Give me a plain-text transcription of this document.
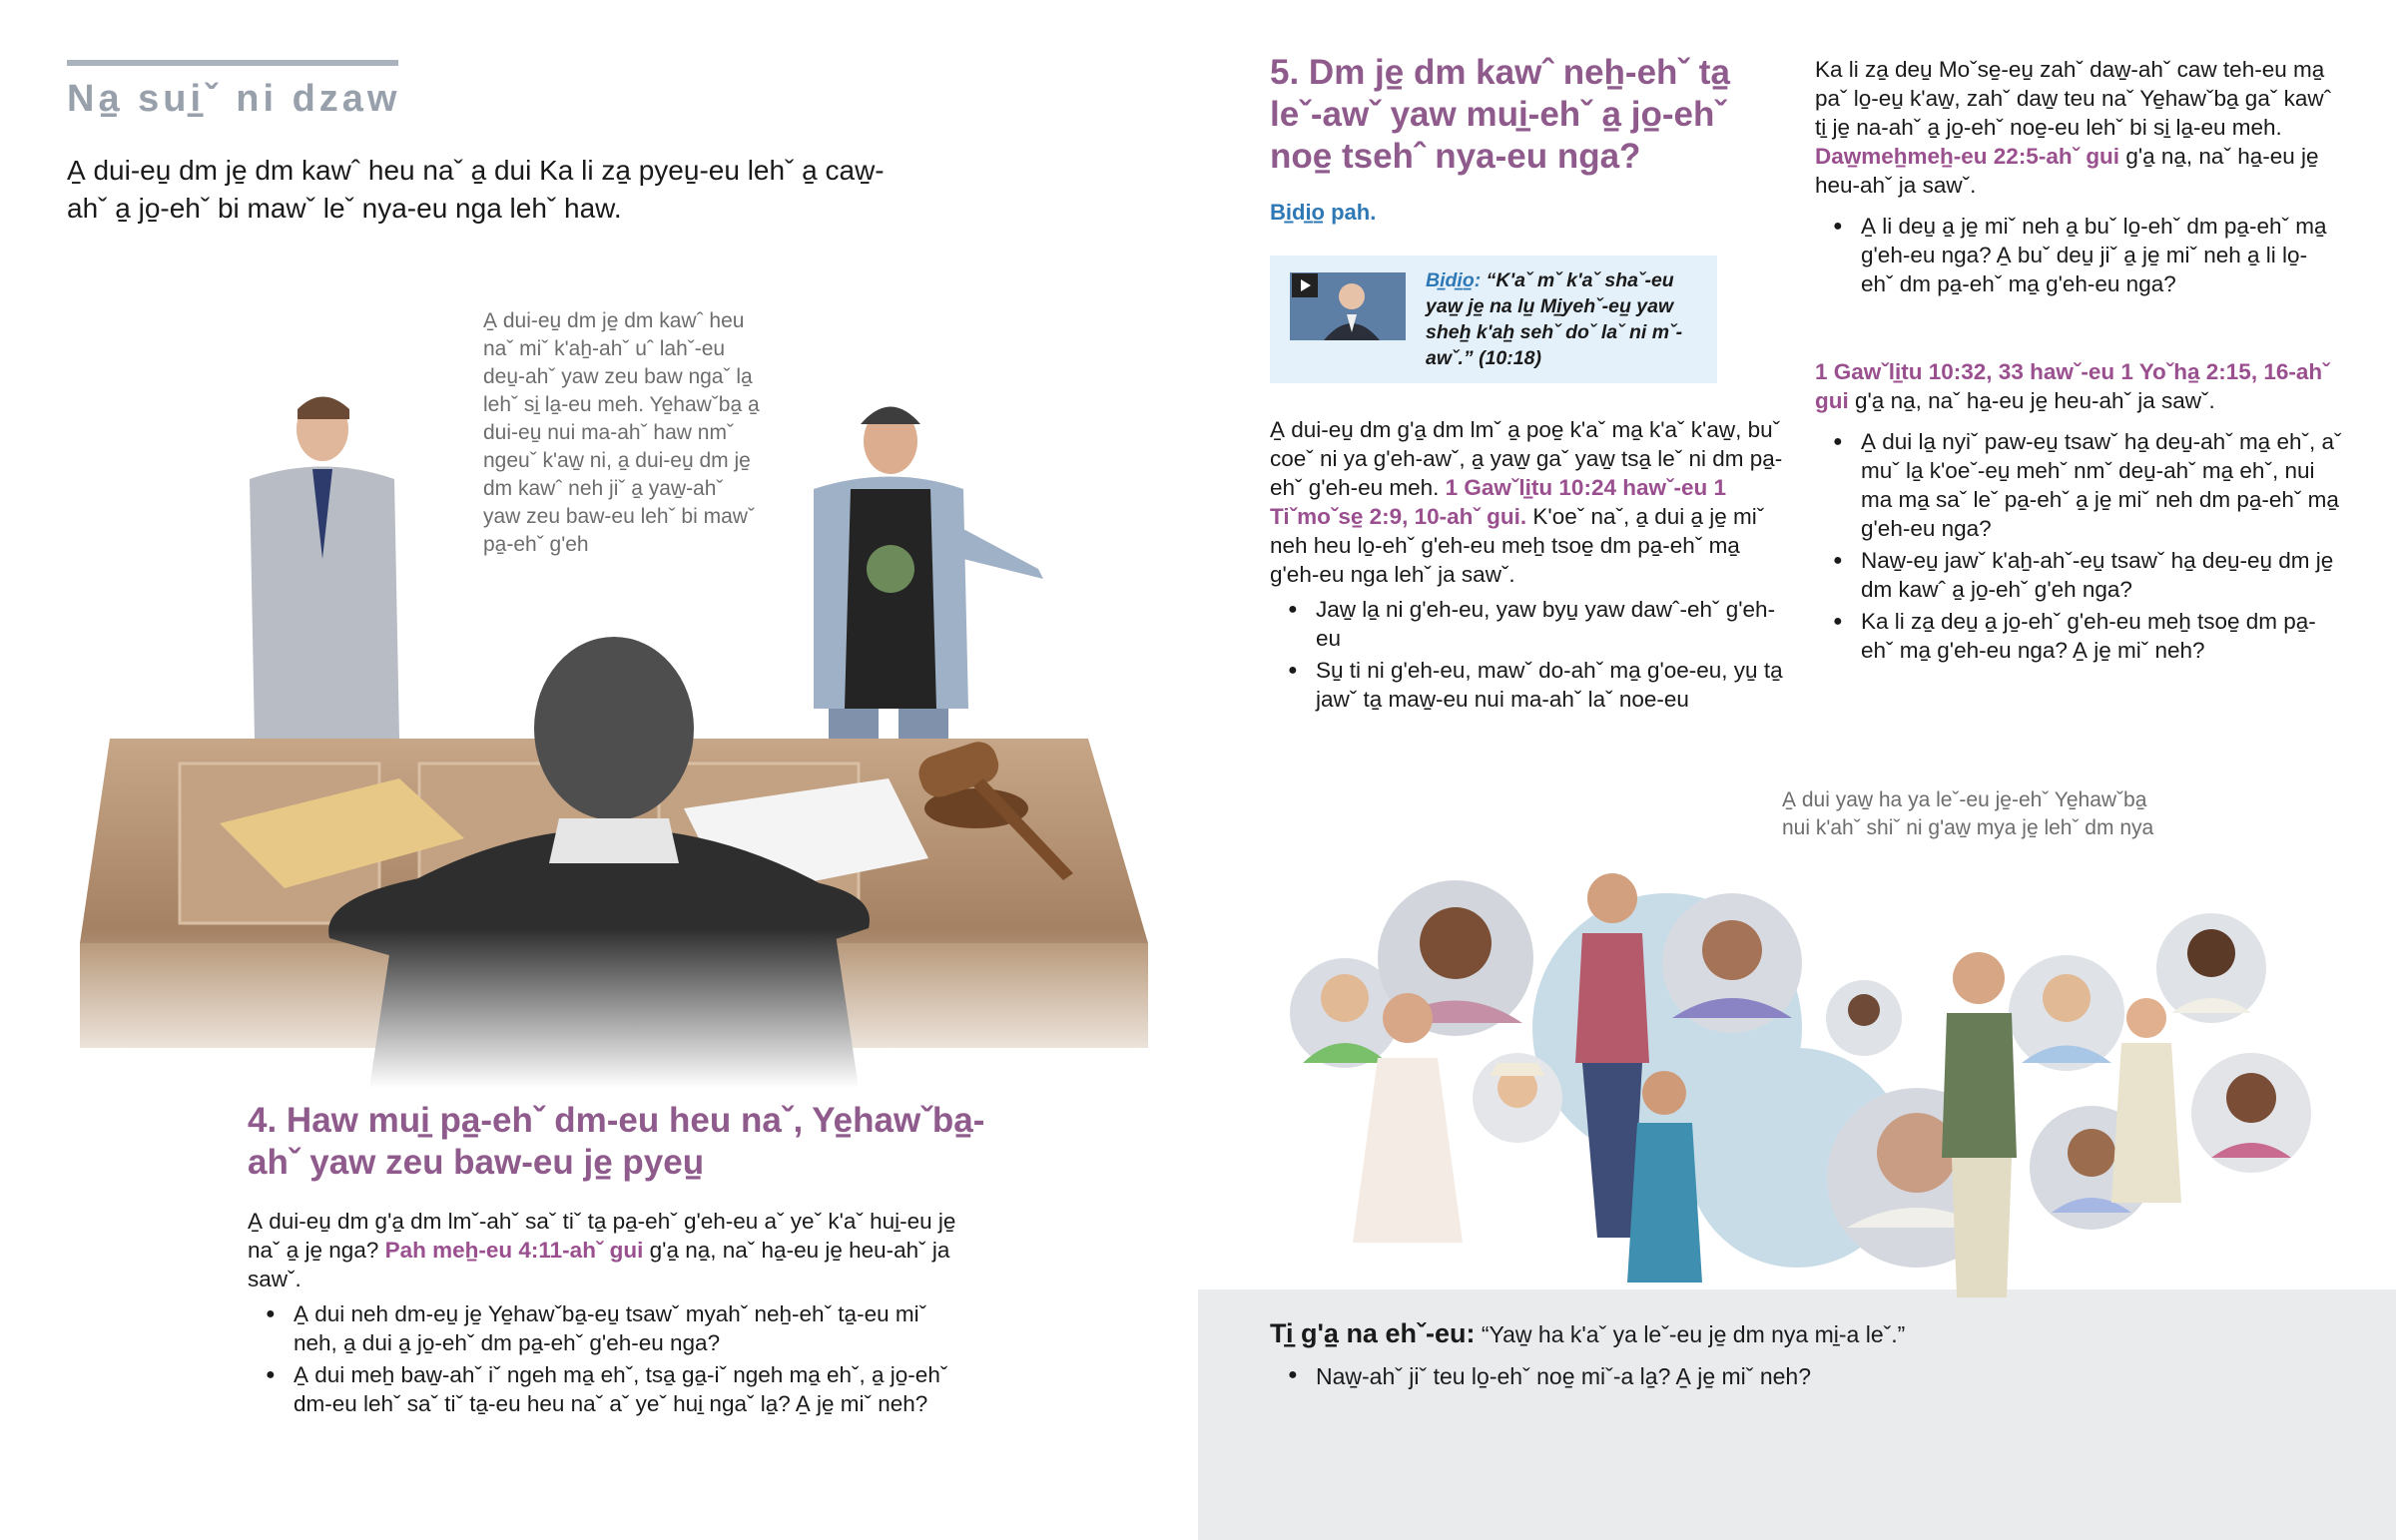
Na̠ sui̠ˇ ni dzaw
A̠ dui-eu̠ dm je̠ dm kawˆ heu naˇ a̠ dui Ka li za̠ pyeu̠-eu lehˇ a̠ caw̠-ahˇ a̠ jo̠-ehˇ bi mawˇ leˇ nya-eu nga lehˇ haw.
A̠ dui-eu̠ dm je̠ dm kawˆ heu naˇ miˇ k'ah̠-ahˇ uˆ lahˇ-eu deu̠-ahˇ yaw zeu baw ngaˇ la̠ lehˇ si̠ la̠-eu meh. Ye̠hawˇba̠ a̠ dui-eu̠ nui ma-ahˇ haw nmˇ ngeuˇ k'aw̠ ni, a̠ dui-eu̠ dm je̠ dm kawˆ neh jiˇ a̠ yaw̠-ahˇ yaw zeu baw-eu lehˇ bi mawˇ pa̠-ehˇ g'eh
4. Haw mui̠ pa̠-ehˇ dm-eu heu naˇ, Ye̠hawˇba̠-ahˇ yaw zeu baw-eu je̠ pyeu̠
A̠ dui-eu̠ dm g'a̠ dm lmˇ-ahˇ saˇ tiˇ ta̠ pa̠-ehˇ g'eh-eu aˇ yeˇ k'aˇ hui̠-eu je̠ naˇ a̠ je̠ nga? Pah meh̠-eu 4:11-ahˇ gui g'a̠ na̠, naˇ ha̠-eu je̠ heu-ahˇ ja sawˇ.
● A̠ dui neh dm-eu̠ je̠ Ye̠hawˇba̠-eu̠ tsawˇ myahˇ neh̠-ehˇ ta̠-eu miˇ neh, a̠ dui a̠ jo̠-ehˇ dm pa̠-ehˇ g'eh-eu nga?
● A̠ dui meh̠ baw̠-ahˇ iˇ ngeh ma̠ ehˇ, tsa̠ ga̠-iˇ ngeh ma̠ ehˇ, a̠ jo̠-ehˇ dm-eu lehˇ saˇ tiˇ ta̠-eu heu naˇ aˇ yeˇ hui̠ ngaˇ la̠? A̠ je̠ miˇ neh?
5. Dm je̠ dm kawˆ neh̠-ehˇ ta̠ leˇ-awˇ yaw mui̠-ehˇ a̠ jo̠-ehˇ noe̠ tsehˆ nya-eu nga?
Bi̠di̠o̠ pah.
Bi̠di̠o̠: “K'aˇ mˇ k'aˇ shaˇ-eu yaw̠ je̠ na lu̠ Mi̠yehˇ-eu̠ yaw sheh̠ k'ah̠ sehˇ doˇ laˇ ni mˇ-awˇ.” (10:18)
A̠ dui-eu̠ dm g'a̠ dm lmˇ a̠ poe̠ k'aˇ ma̠ k'aˇ k'aw̠, buˇ coeˇ ni ya g'eh-awˇ, a̠ yaw̠ gaˇ yaw̠ tsa̠ leˇ ni dm pa̠-ehˇ g'eh-eu meh. 1 Gawˇli̠tu 10:24 hawˇ-eu 1 Tiˇmoˇse̠ 2:9, 10-ahˇ gui. K'oeˇ naˇ, a̠ dui a̠ je̠ miˇ neh heu lo̠-ehˇ g'eh-eu meh̠ tsoe̠ dm pa̠-ehˇ ma̠ g'eh-eu nga lehˇ ja sawˇ.
● Jaw̠ la̠ ni g'eh-eu, yaw byu̠ yaw dawˆ-ehˇ g'eh-eu
● Su̠ ti ni g'eh-eu, mawˇ do-ahˇ ma̠ g'oe-eu, yu̠ ta̠ jawˇ ta̠ maw̠-eu nui ma-ahˇ laˇ noe-eu
Ka li za̠ deu̠ Moˇse̠-eu̠ zahˇ daw̠-ahˇ caw teh-eu ma̠ paˇ lo̠-eu̠ k'aw̠, zahˇ daw̠ teu naˇ Ye̠hawˇba̠ gaˇ kawˆ ti̠ je̠ na-ahˇ a̠ jo̠-ehˇ noe̠-eu lehˇ bi si̠ la̠-eu meh. Daw̠meh̠meh̠-eu 22:5-ahˇ gui g'a̠ na̠, naˇ ha̠-eu je̠ heu-ahˇ ja sawˇ.
● A̠ li deu̠ a̠ je̠ miˇ neh a̠ buˇ lo̠-ehˇ dm pa̠-ehˇ ma̠ g'eh-eu nga? A̠ buˇ deu̠ jiˇ a̠ je̠ miˇ neh a̠ li lo̠-ehˇ dm pa̠-ehˇ ma̠ g'eh-eu nga?
1 Gawˇli̠tu 10:32, 33 hawˇ-eu 1 Yoˇha̠ 2:15, 16-ahˇ gui g'a̠ na̠, naˇ ha̠-eu je̠ heu-ahˇ ja sawˇ.
● A̠ dui la̠ nyiˇ paw-eu̠ tsawˇ ha̠ deu̠-ahˇ ma̠ ehˇ, aˇ muˇ la̠ k'oeˇ-eu̠ mehˇ nmˇ deu̠-ahˇ ma̠ ehˇ, nui ma ma̠ saˇ leˇ pa̠-ehˇ a̠ je̠ miˇ neh dm pa̠-ehˇ ma̠ g'eh-eu nga?
● Naw̠-eu̠ jawˇ k'ah̠-ahˇ-eu̠ tsawˇ ha̠ deu̠-eu̠ dm je̠ dm kawˆ a̠ jo̠-ehˇ g'eh nga?
● Ka li za̠ deu̠ a̠ jo̠-ehˇ g'eh-eu meh̠ tsoe̠ dm pa̠-ehˇ ma̠ g'eh-eu nga? A̠ je̠ miˇ neh?
A̠ dui yaw̠ ha ya leˇ-eu je̠-ehˇ Ye̠hawˇba̠ nui k'ahˇ shiˇ ni g'aw̠ mya je̠ lehˇ dm nya
Ti̠ g'a̠ na ehˇ-eu: “Yaw̠ ha k'aˇ ya leˇ-eu je̠ dm nya mi̠-a leˇ.”
● Naw̠-ahˇ jiˇ teu lo̠-ehˇ noe̠ miˇ-a la̠? A̠ je̠ miˇ neh?
